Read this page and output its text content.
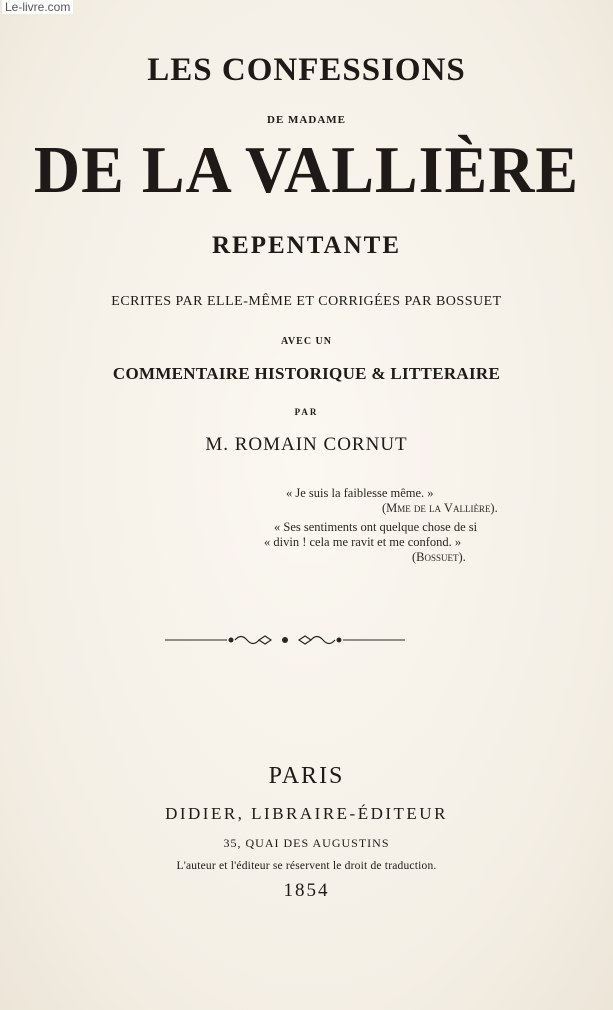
Le-livre.com
LES CONFESSIONS
DE MADAME
DE LA VALLIÈRE
REPENTANTE
ECRITES PAR ELLE-MÊME ET CORRIGÉES PAR BOSSUET
AVEC UN
COMMENTAIRE HISTORIQUE & LITTERAIRE
PAR
M. ROMAIN CORNUT
« Je suis la faiblesse même. »
(Mme de la Vallière).
« Ses sentiments ont quelque chose de si
« divin ! cela me ravit et me confond. »
(Bossuet).
PARIS
DIDIER, LIBRAIRE-ÉDITEUR
35, QUAI DES AUGUSTINS
L'auteur et l'éditeur se réservent le droit de traduction.
1854
